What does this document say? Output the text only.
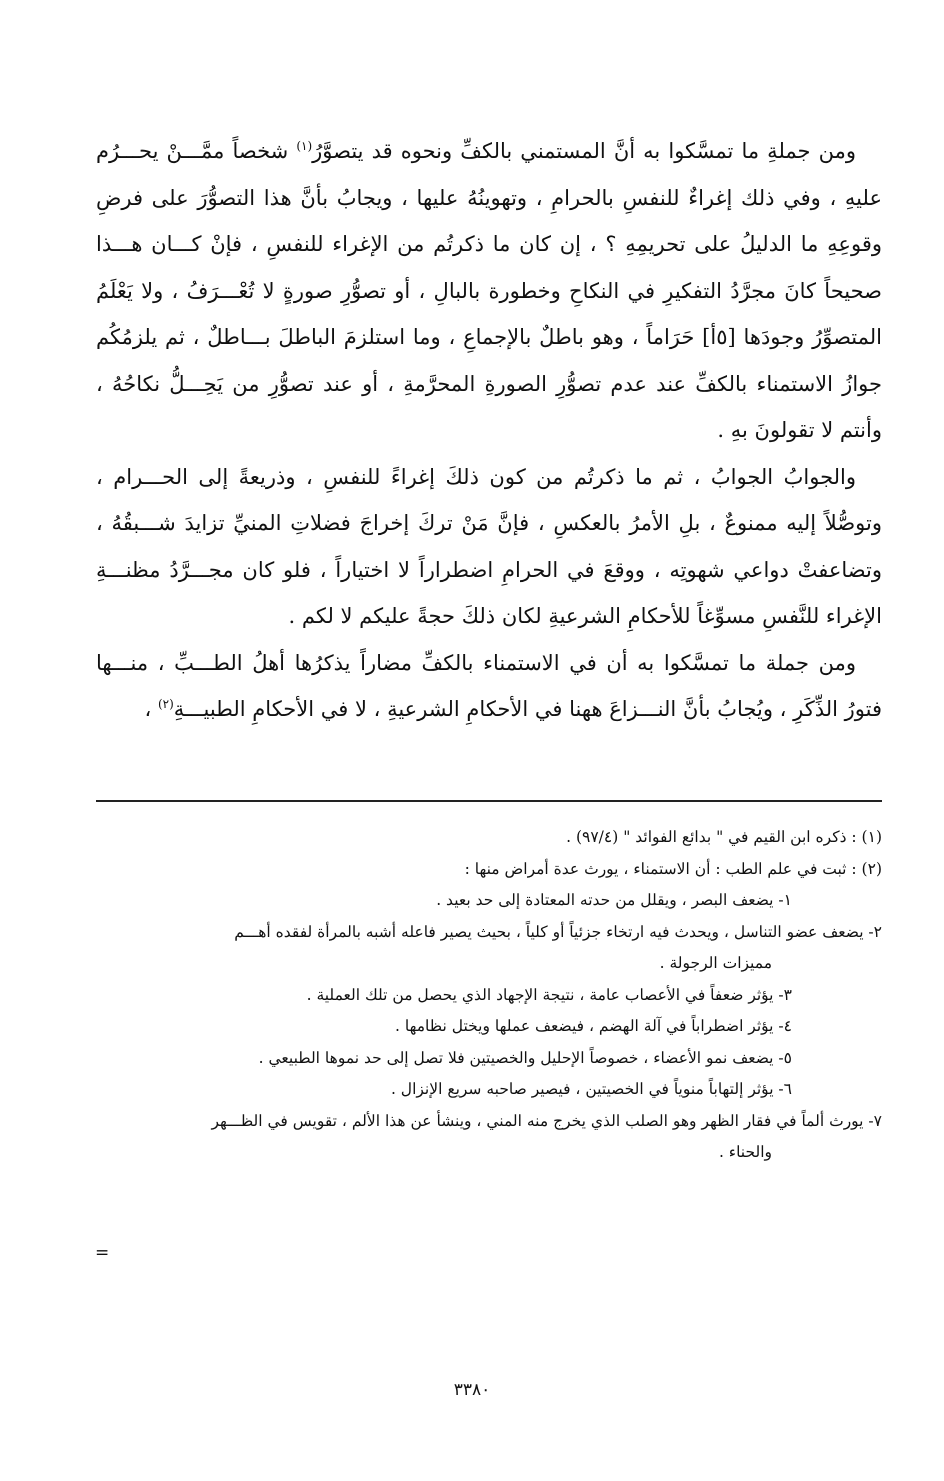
ومن جملةِ ما تمسَّكوا به أنَّ المستمني بالكفِّ ونحوه قد يتصوَّرُ$^{(١)}$ شخصاً ممَّـــنْ يحـــرُم عليهِ ، وفي ذلك إغراءٌ للنفسِ بالحرامِ ، وتهوينُهُ عليها ، ويجابُ بأنَّ هذا التصوُّرَ على فرضِ وقوعِهِ ما الدليلُ على تحريمِهِ ؟ ، إن كان ما ذكرتُم من الإغراء للنفسِ ، فإنْ كـــان هـــذا صحيحاً كانَ مجرَّدُ التفكيرِ في النكاحِ وخطورة بالبالِ ، أو تصوُّرِ صورةٍ لا تُعْـــرَفُ ، ولا يَعْلَمُ المتصوِّرُ وجودَها [٥أ] حَرَاماً ، وهو باطلٌ بالإجماعِ ، وما استلزمَ الباطلَ بـــاطلٌ ، ثم يلزمُكُم جوازُ الاستمناء بالكفِّ عند عدم تصوُّرِ الصورةِ المحرَّمةِ ، أو عند تصوُّرِ من يَحِـــلُّ نكاحُهُ ، وأنتم لا تقولونَ بهِ .

والجوابُ الجوابُ ، ثم ما ذكرتُم من كون ذلكَ إغراءً للنفسِ ، وذريعةً إلى الحـــرام ، وتوصُّلاً إليه ممنوعٌ ، بلِ الأمرُ بالعكسِ ، فإنَّ مَنْ تركَ إخراجَ فضلاتِ المنيِّ تزايدَ شـــبقُهُ ، وتضاعفتْ دواعي شهوتِه ، ووقعَ في الحرامِ اضطراراً لا اختياراً ، فلو كان مجـــرَّدُ مظنـــةِ الإغراء للنَّفسِ مسوِّغاً للأحكامِ الشرعيةِ لكان ذلكَ حجةً عليكم لا لكم .

ومن جملة ما تمسَّكوا به أن في الاستمناء بالكفِّ مضاراً يذكرُها أهلُ الطـــبِّ ، منـــها فتورُ الذِّكَرِ ، ويُجابُ بأنَّ النـــزاعَ ههنا في الأحكامِ الشرعيةِ ، لا في الأحكامِ الطبيـــةِ$^{(٢)}$ ،

(١) : ذكره ابن القيم في " بدائع الفوائد " (٩٧/٤) .

(٢) : ثبت في علم الطب : أن الاستمناء ، يورث عدة أمراض منها :

١- يضعف البصر ، ويقلل من حدته المعتادة إلى حد بعيد .

٢- يضعف عضو التناسل ، ويحدث فيه ارتخاء جزئياً أو كلياً ، بحيث يصير فاعله أشبه بالمرأة لفقده أهـــم

مميزات الرجولة .

٣- يؤثر ضعفاً في الأعصاب عامة ، نتيجة الإجهاد الذي يحصل من تلك العملية .

٤- يؤثر اضطراباً في آلة الهضم ، فيضعف عملها ويختل نظامها .

٥- يضعف نمو الأعضاء ، خصوصاً الإحليل والخصيتين فلا تصل إلى حد نموها الطبيعي .

٦- يؤثر إلتهاباً منوياً في الخصيتين ، فيصير صاحبه سريع الإنزال .

٧- يورث ألماً في فقار الظهر وهو الصلب الذي يخرج منه المني ، وينشأ عن هذا الألم ، تقويس في الظـــهر

والحناء .

=
٣٣٨٠
